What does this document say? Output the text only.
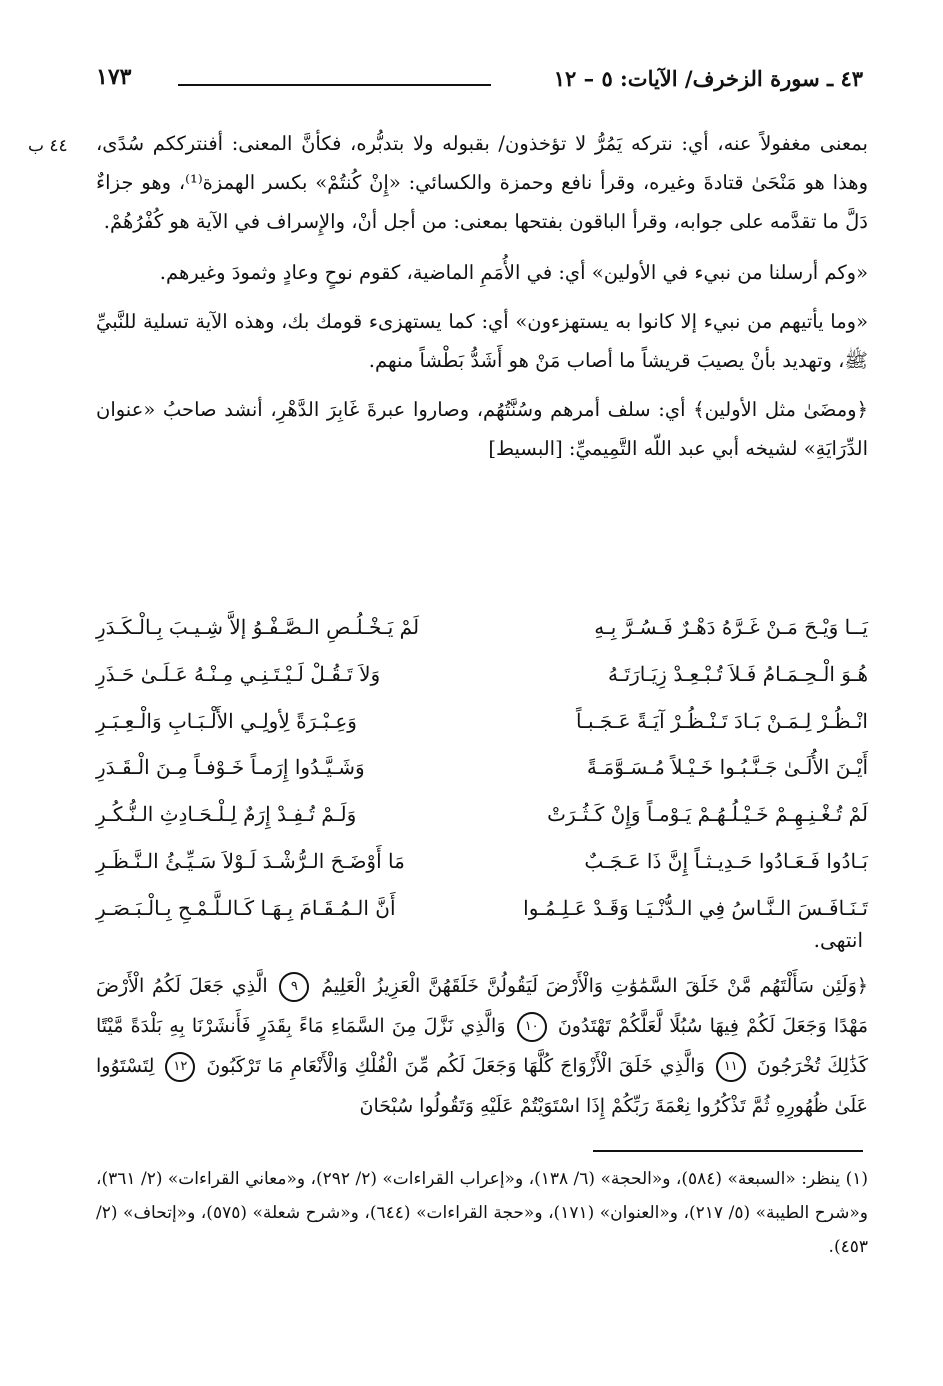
٤٣ ـ سورة الزخرف/ الآيات: ٥ – ١٢
١٧٣
٤٤ ب بمعنى مغفولاً عنه، أي: نتركه يَمُرُّ لا تؤخذون/ بقبوله ولا بتدبُّره، فكأنَّ المعنى: أفنترككم سُدًى، وهذا هو مَنْحَىٰ قتادةَ وغيره، وقرأ نافع وحمزة والكسائي: «إِنْ كُنتُمْ» بكسر الهمزة⁽¹⁾، وهو جزاءٌ دَلَّ ما تقدَّمه على جوابه، وقرأ الباقون بفتحها بمعنى: من أجل أنْ، والإِسراف في الآية هو كُفْرُهُمْ.

«وكم أرسلنا من نبيء في الأولين» أي: في الأُمَمِ الماضية، كقوم نوحٍ وعادٍ وثمودَ وغيرهم.

«وما يأتيهم من نبيء إلا كانوا به يستهزءون» أي: كما يستهزىء قومك بك، وهذه الآية تسلية للنَّبيِّ ﷺ، وتهديد بأنْ يصيبَ قريشاً ما أصاب مَنْ هو أَشَدُّ بَطْشاً منهم.

﴿ومضَىٰ مثل الأولين﴾ أي: سلف أمرهم وسُنَّتُهُم، وصاروا عبرةَ غَابِرَ الدَّهْرِ، أنشد صاحبُ «عنوان الدِّرَايَةِ» لشيخه أبي عبد اللّه التَّمِيميِّ: [البسيط]

يَــا وَيْـحَ مَـنْ غَـرَّهُ دَهْـرٌ فَـسُـرَّ بِـهِ
لَمْ يَـخْـلُـصِ الـصَّـفْـوُ إلاَّ شِـيـبَ بِـالْـكَـدَرِ
هُـوَ الْـحِـمَـامُ فَـلاَ تُـبْـعِـدْ زِيَـارَتَـهُ
وَلاَ تَـقُـلْ لَـيْـتَـنِـي مِـنْـهُ عَـلَـىٰ حَـذَرِ
انْـظُـرْ لِـمَـنْ بَـادَ تَـنْـظُـرْ آيَـةً عَـجَـبـاً
وَعِـبْـرَةً لِأولِـي الأَلْـبَـابِ وَالْـعِـبَـرِ
أَيْـنَ الأُلَـىٰ جَـنَّـبُـوا خَـيْـلاً مُـسَـوَّمَـةً
وَشَـيَّـدُوا إِرَمـاً خَـوْفـاً مِـنَ الْـقَـدَرِ
لَمْ تُـغْـنِـهِـمْ خَـيْـلُـهُـمْ يَـوْمـاً وَإِنْ كَـثُـرَتْ
وَلَـمْ تُـفِـدْ إِرَمٌ لِـلْـحَـادِثِ الـنُّـكُـرِ
بَـادُوا فَـعَـادُوا حَـدِيـثـاً إِنَّ ذَا عَـجَـبٌ
مَا أَوْضَـحَ الـرُّشْـدَ لَـوْلاَ سَـيِّـئُ الـنَّـظَـرِ
تَـنَـافَـسَ الـنَّـاسُ فِي الـدُّنْـيَـا وَقَـدْ عَـلِـمُـوا
أَنَّ الـمُـقَـامَ بِـهَـا كَـالـلَّـمْـحِ بِـالْـبَـصَـرِ
انتهى.
﴿وَلَئِن سَأَلْتَهُم مَّنْ خَلَقَ السَّمَٰوَٰتِ وَالْأَرْضَ لَيَقُولُنَّ خَلَقَهُنَّ الْعَزِيزُ الْعَلِيمُ ٩ الَّذِي جَعَلَ لَكُمُ الْأَرْضَ مَهْدًا وَجَعَلَ لَكُمْ فِيهَا سُبُلًا لَّعَلَّكُمْ تَهْتَدُونَ ١٠ وَالَّذِي نَزَّلَ مِنَ السَّمَاءِ مَاءً بِقَدَرٍ فَأَنشَرْنَا بِهِ بَلْدَةً مَّيْتًا كَذَٰلِكَ تُخْرَجُونَ ١١ وَالَّذِي خَلَقَ الْأَزْوَاجَ كُلَّهَا وَجَعَلَ لَكُم مِّنَ الْفُلْكِ وَالْأَنْعَامِ مَا تَرْكَبُونَ ١٢ لِتَسْتَوُوا عَلَىٰ ظُهُورِهِ ثُمَّ تَذْكُرُوا نِعْمَةَ رَبِّكُمْ إِذَا اسْتَوَيْتُمْ عَلَيْهِ وَتَقُولُوا سُبْحَانَ

(١) ينظر: «السبعة» (٥٨٤)، و«الحجة» (٦/ ١٣٨)، و«إعراب القراءات» (٢/ ٢٩٢)، و«معاني القراءات» (٢/ ٣٦١)، و«شرح الطيبة» (٥/ ٢١٧)، و«العنوان» (١٧١)، و«حجة القراءات» (٦٤٤)، و«شرح شعلة» (٥٧٥)، و«إتحاف» (٢/ ٤٥٣).
